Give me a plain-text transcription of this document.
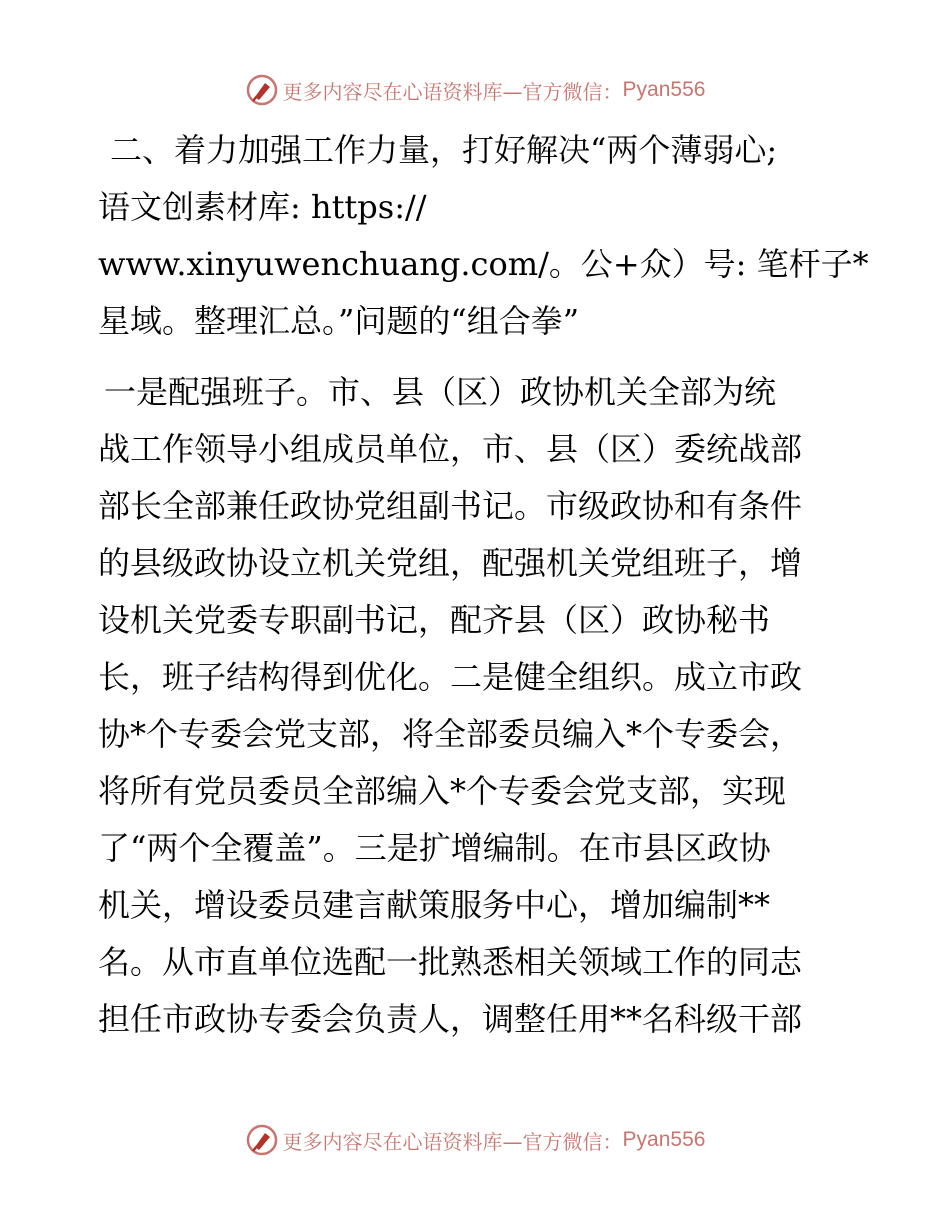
更多内容尽在心语资料库—官方微信： Pyan556
二、着力加强工作力量，打好解决“两个薄弱心;
语文创素材库: https://
www.xinyuwenchuang.com/。公+众）号: 笔杆子*
星域。整理汇总。”问题的“组合拳”
一是配强班子。市、县（区）政协机关全部为统
战工作领导小组成员单位，市、县（区）委统战部
部长全部兼任政协党组副书记。市级政协和有条件
的县级政协设立机关党组，配强机关党组班子，增
设机关党委专职副书记，配齐县（区）政协秘书
长，班子结构得到优化。二是健全组织。成立市政
协*个专委会党支部，将全部委员编入*个专委会，
将所有党员委员全部编入*个专委会党支部，实现
了“两个全覆盖”。三是扩增编制。在市县区政协
机关，增设委员建言献策服务中心，增加编制**
名。从市直单位选配一批熟悉相关领域工作的同志
担任市政协专委会负责人，调整任用**名科级干部
更多内容尽在心语资料库—官方微信： Pyan556
